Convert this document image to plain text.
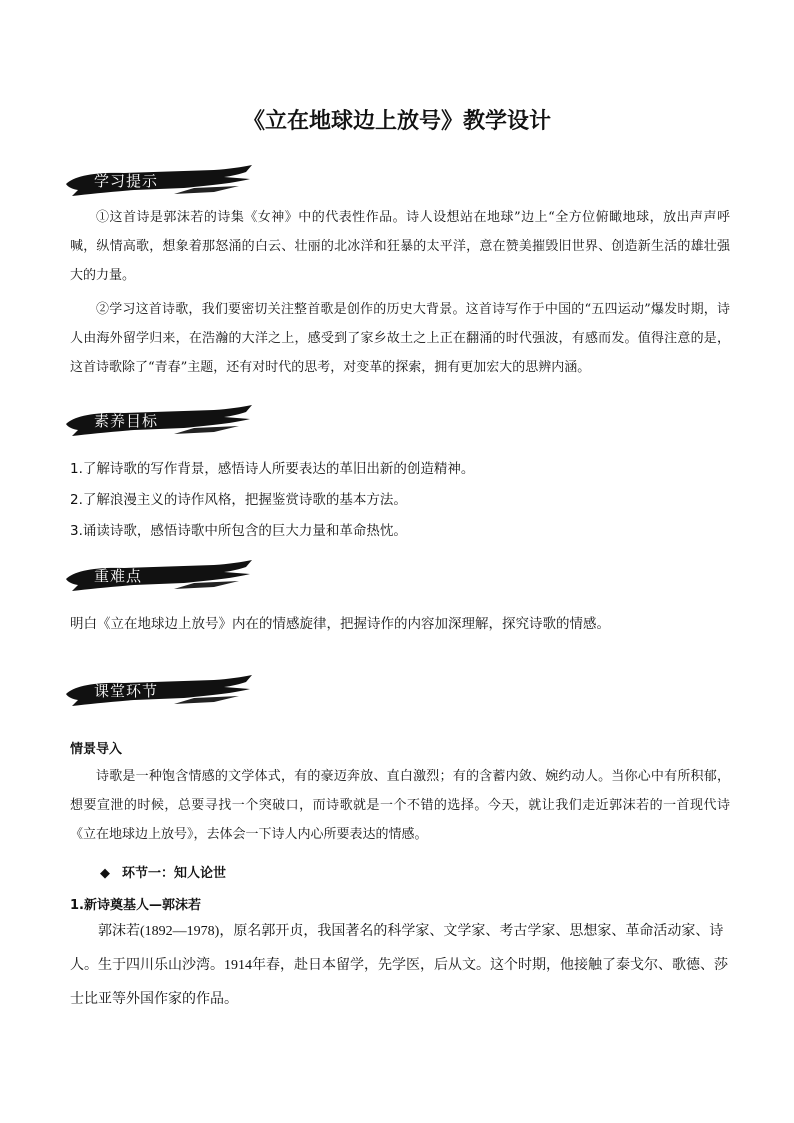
《立在地球边上放号》教学设计
学习提示

①这首诗是郭沫若的诗集《女神》中的代表性作品。诗人设想站在地球”边上“全方位俯瞰地球，放出声声呼喊，纵情高歌，想象着那怒涌的白云、壮丽的北冰洋和狂暴的太平洋，意在赞美摧毁旧世界、创造新生活的雄壮强大的力量。

②学习这首诗歌，我们要密切关注整首歌是创作的历史大背景。这首诗写作于中国的“五四运动”爆发时期，诗人由海外留学归来，在浩瀚的大洋之上，感受到了家乡故土之上正在翻涌的时代强波，有感而发。值得注意的是，这首诗歌除了“青春”主题，还有对时代的思考，对变革的探索，拥有更加宏大的思辨内涵。

素养目标
1.了解诗歌的写作背景，感悟诗人所要表达的革旧出新的创造精神。
2.了解浪漫主义的诗作风格，把握鉴赏诗歌的基本方法。
3.诵读诗歌，感悟诗歌中所包含的巨大力量和革命热忱。
重难点
明白《立在地球边上放号》内在的情感旋律，把握诗作的内容加深理解，探究诗歌的情感。
课堂环节
情景导入

诗歌是一种饱含情感的文学体式，有的豪迈奔放、直白激烈；有的含蓄内敛、婉约动人。当你心中有所积郁，想要宣泄的时候，总要寻找一个突破口，而诗歌就是一个不错的选择。今天，就让我们走近郭沫若的一首现代诗《立在地球边上放号》，去体会一下诗人内心所要表达的情感。

◆ 环节一：知人论世
1.新诗奠基人—郭沫若

郭沫若(1892—1978)，原名郭开贞，我国著名的科学家、文学家、考古学家、思想家、革命活动家、诗人。生于四川乐山沙湾。1914年春，赴日本留学，先学医，后从文。这个时期，他接触了泰戈尔、歌德、莎士比亚等外国作家的作品。
